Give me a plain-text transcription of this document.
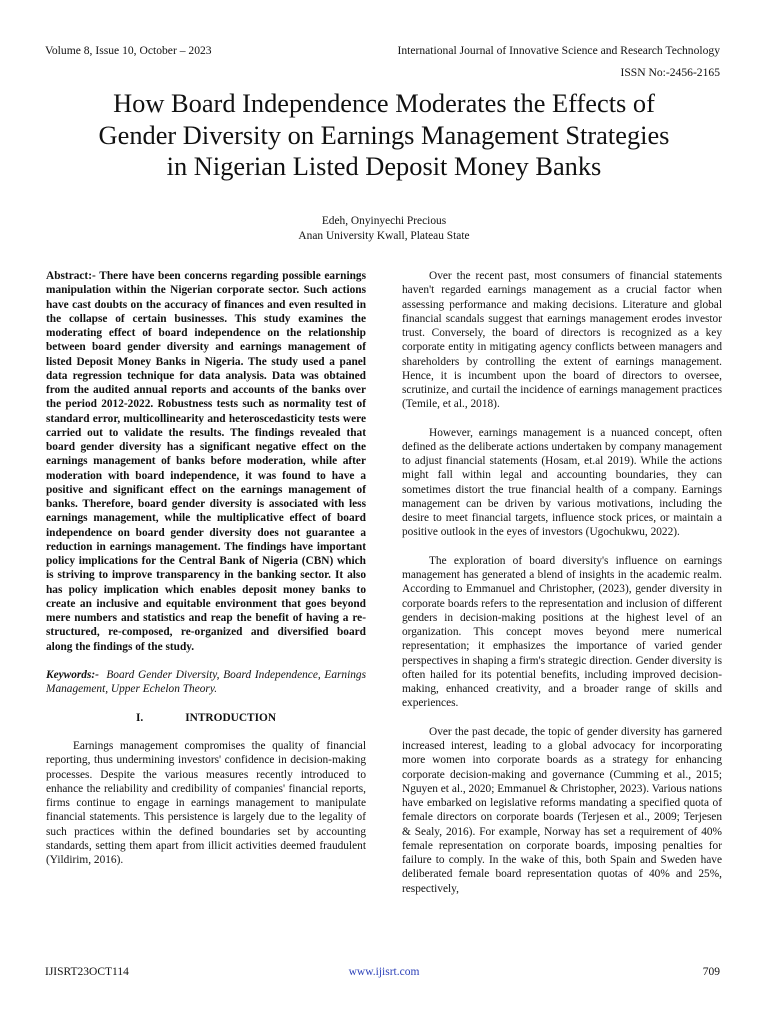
Volume 8, Issue 10, October – 2023	International Journal of Innovative Science and Research Technology
ISSN No:-2456-2165
How Board Independence Moderates the Effects of
Gender Diversity on Earnings Management Strategies
in Nigerian Listed Deposit Money Banks
Edeh, Onyinyechi Precious
Anan University Kwall, Plateau State

Abstract:- There have been concerns regarding possible earnings manipulation within the Nigerian corporate sector. Such actions have cast doubts on the accuracy of finances and even resulted in the collapse of certain businesses. This study examines the moderating effect of board independence on the relationship between board gender diversity and earnings management of listed Deposit Money Banks in Nigeria. The study used a panel data regression technique for data analysis. Data was obtained from the audited annual reports and accounts of the banks over the period 2012-2022. Robustness tests such as normality test of standard error, multicollinearity and heteroscedasticity tests were carried out to validate the results. The findings revealed that board gender diversity has a significant negative effect on the earnings management of banks before moderation, while after moderation with board independence, it was found to have a positive and significant effect on the earnings management of banks. Therefore, board gender diversity is associated with less earnings management, while the multiplicative effect of board independence on board gender diversity does not guarantee a reduction in earnings management. The findings have important policy implications for the Central Bank of Nigeria (CBN) which is striving to improve transparency in the banking sector. It also has policy implication which enables deposit money banks to create an inclusive and equitable environment that goes beyond mere numbers and statistics and reap the benefit of having a re-structured, re-composed, re-organized and diversified board along the findings of the study.

Keywords:- Board Gender Diversity, Board Independence, Earnings Management, Upper Echelon Theory.

I.	INTRODUCTION

Earnings management compromises the quality of financial reporting, thus undermining investors' confidence in decision-making processes. Despite the various measures recently introduced to enhance the reliability and credibility of companies' financial reports, firms continue to engage in earnings management to manipulate financial statements. This persistence is largely due to the legality of such practices within the defined boundaries set by accounting standards, setting them apart from illicit activities deemed fraudulent (Yildirim, 2016).

Over the recent past, most consumers of financial statements haven't regarded earnings management as a crucial factor when assessing performance and making decisions. Literature and global financial scandals suggest that earnings management erodes investor trust. Conversely, the board of directors is recognized as a key corporate entity in mitigating agency conflicts between managers and shareholders by controlling the extent of earnings management. Hence, it is incumbent upon the board of directors to oversee, scrutinize, and curtail the incidence of earnings management practices (Temile, et al., 2018).

However, earnings management is a nuanced concept, often defined as the deliberate actions undertaken by company management to adjust financial statements (Hosam, et.al 2019). While the actions might fall within legal and accounting boundaries, they can sometimes distort the true financial health of a company. Earnings management can be driven by various motivations, including the desire to meet financial targets, influence stock prices, or maintain a positive outlook in the eyes of investors (Ugochukwu, 2022).

The exploration of board diversity's influence on earnings management has generated a blend of insights in the academic realm. According to Emmanuel and Christopher, (2023), gender diversity in corporate boards refers to the representation and inclusion of different genders in decision-making positions at the highest level of an organization. This concept moves beyond mere numerical representation; it emphasizes the importance of varied gender perspectives in shaping a firm's strategic direction. Gender diversity is often hailed for its potential benefits, including improved decision-making, enhanced creativity, and a broader range of skills and experiences.

Over the past decade, the topic of gender diversity has garnered increased interest, leading to a global advocacy for incorporating more women into corporate boards as a strategy for enhancing corporate decision-making and governance (Cumming et al., 2015; Nguyen et al., 2020; Emmanuel & Christopher, 2023). Various nations have embarked on legislative reforms mandating a specified quota of female directors on corporate boards (Terjesen et al., 2009; Terjesen & Sealy, 2016). For example, Norway has set a requirement of 40% female representation on corporate boards, imposing penalties for failure to comply. In the wake of this, both Spain and Sweden have deliberated female board representation quotas of 40% and 25%, respectively,

IJISRT23OCT114	www.ijisrt.com	709
